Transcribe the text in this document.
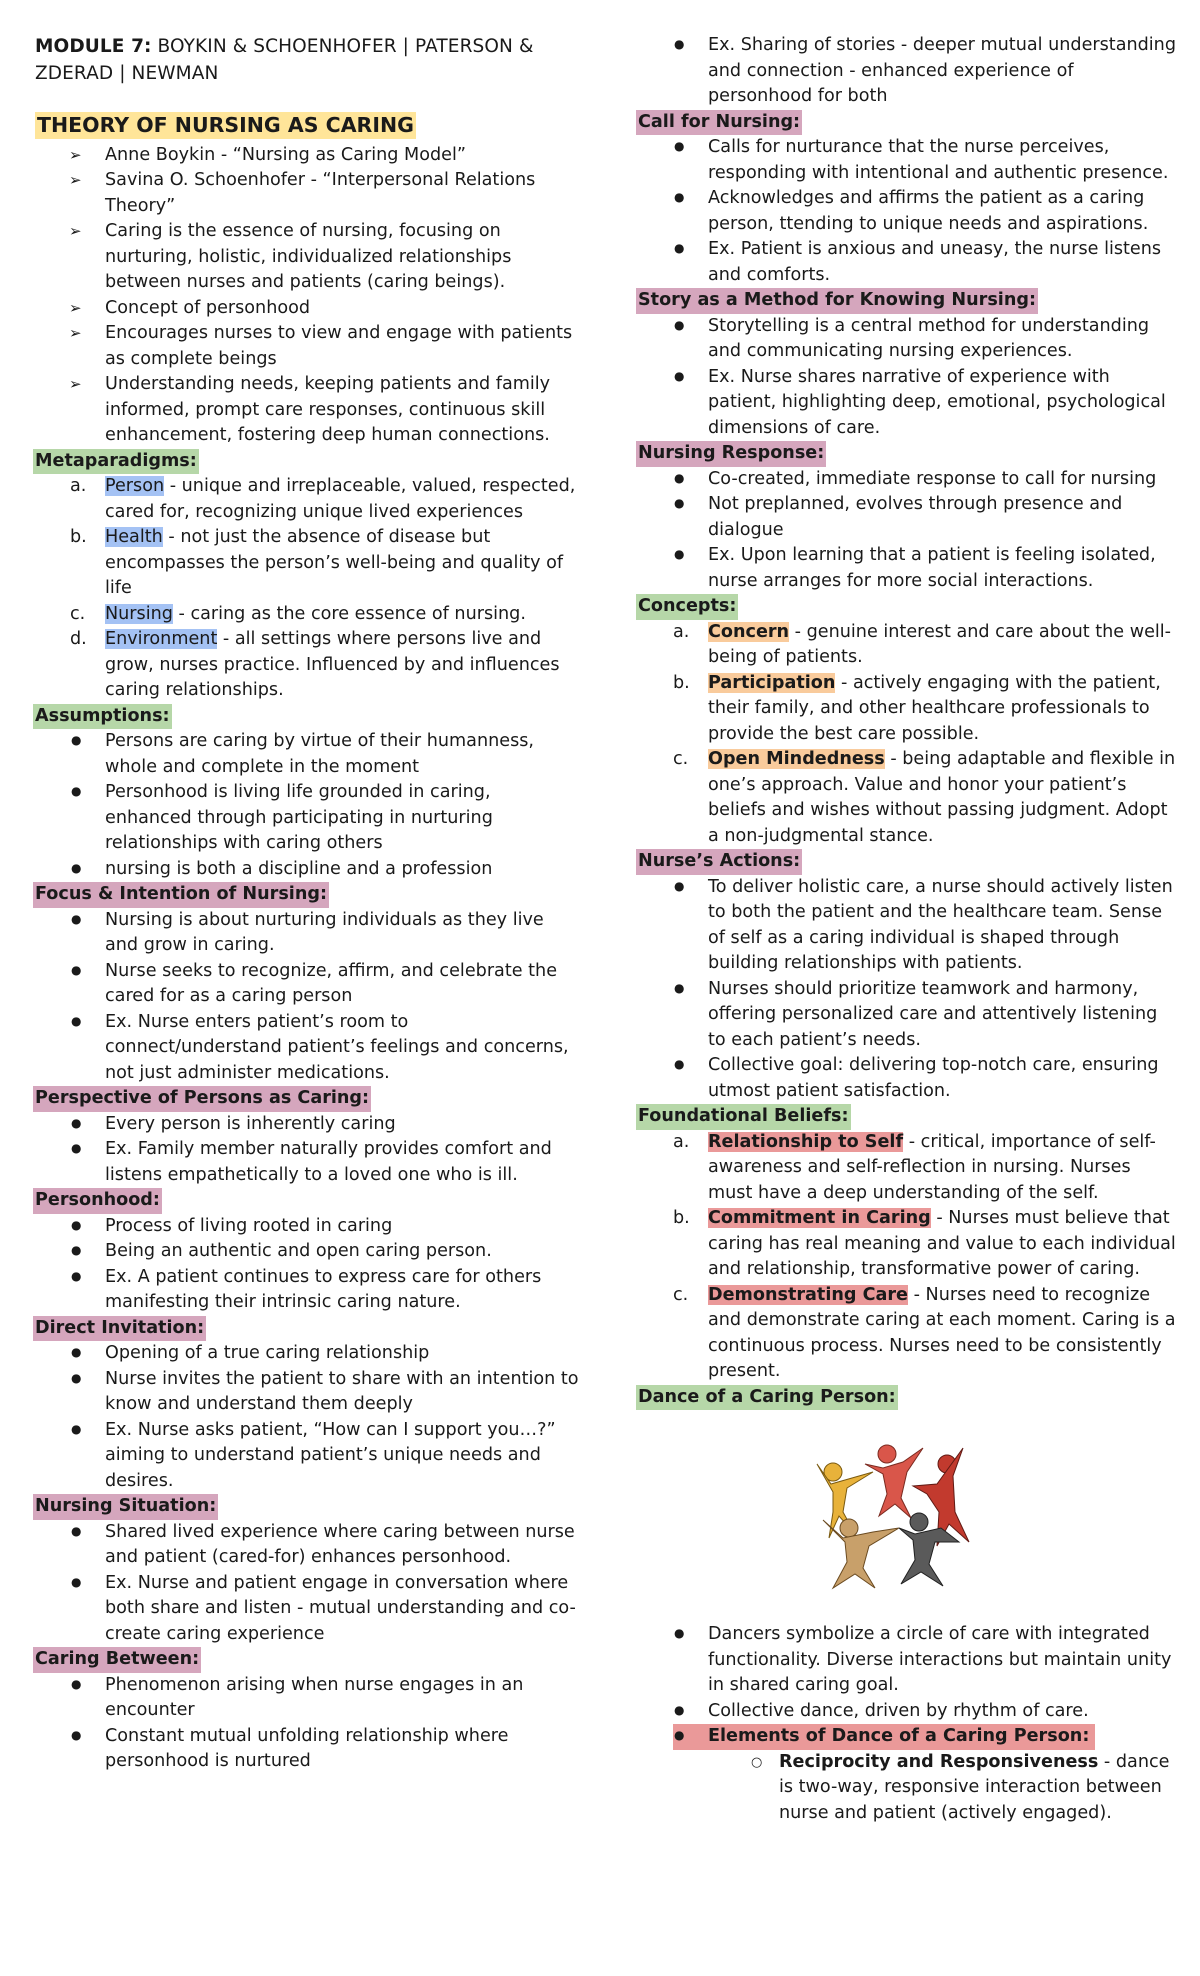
MODULE 7: BOYKIN & SCHOENHOFER | PATERSON & ZDERAD | NEWMAN
THEORY OF NURSING AS CARING
➢ Anne Boykin - “Nursing as Caring Model”
➢ Savina O. Schoenhofer - “Interpersonal Relations Theory”
➢ Caring is the essence of nursing, focusing on nurturing, holistic, individualized relationships between nurses and patients (caring beings).
➢ Concept of personhood
➢ Encourages nurses to view and engage with patients as complete beings
➢ Understanding needs, keeping patients and family informed, prompt care responses, continuous skill enhancement, fostering deep human connections.
Metaparadigms:
a. Person - unique and irreplaceable, valued, respected, cared for, recognizing unique lived experiences
b. Health - not just the absence of disease but encompasses the person’s well-being and quality of life
c. Nursing - caring as the core essence of nursing.
d. Environment - all settings where persons live and grow, nurses practice. Influenced by and influences caring relationships.
Assumptions:
● Persons are caring by virtue of their humanness, whole and complete in the moment
● Personhood is living life grounded in caring, enhanced through participating in nurturing relationships with caring others
● nursing is both a discipline and a profession
Focus & Intention of Nursing:
● Nursing is about nurturing individuals as they live and grow in caring.
● Nurse seeks to recognize, affirm, and celebrate the cared for as a caring person
● Ex. Nurse enters patient’s room to connect/understand patient’s feelings and concerns, not just administer medications.
Perspective of Persons as Caring:
● Every person is inherently caring
● Ex. Family member naturally provides comfort and listens empathetically to a loved one who is ill.
Personhood:
● Process of living rooted in caring
● Being an authentic and open caring person.
● Ex. A patient continues to express care for others manifesting their intrinsic caring nature.
Direct Invitation:
● Opening of a true caring relationship
● Nurse invites the patient to share with an intention to know and understand them deeply
● Ex. Nurse asks patient, “How can I support you…?” aiming to understand patient’s unique needs and desires.
Nursing Situation:
● Shared lived experience where caring between nurse and patient (cared-for) enhances personhood.
● Ex. Nurse and patient engage in conversation where both share and listen - mutual understanding and co-create caring experience
Caring Between:
● Phenomenon arising when nurse engages in an encounter
● Constant mutual unfolding relationship where personhood is nurtured
● Ex. Sharing of stories - deeper mutual understanding and connection - enhanced experience of personhood for both
Call for Nursing:
● Calls for nurturance that the nurse perceives, responding with intentional and authentic presence.
● Acknowledges and affirms the patient as a caring person, ttending to unique needs and aspirations.
● Ex. Patient is anxious and uneasy, the nurse listens and comforts.
Story as a Method for Knowing Nursing:
● Storytelling is a central method for understanding and communicating nursing experiences.
● Ex. Nurse shares narrative of experience with patient, highlighting deep, emotional, psychological dimensions of care.
Nursing Response:
● Co-created, immediate response to call for nursing
● Not preplanned, evolves through presence and dialogue
● Ex. Upon learning that a patient is feeling isolated, nurse arranges for more social interactions.
Concepts:
a. Concern - genuine interest and care about the well-being of patients.
b. Participation - actively engaging with the patient, their family, and other healthcare professionals to provide the best care possible.
c. Open Mindedness - being adaptable and flexible in one’s approach. Value and honor your patient’s beliefs and wishes without passing judgment. Adopt a non-judgmental stance.
Nurse’s Actions:
● To deliver holistic care, a nurse should actively listen to both the patient and the healthcare team. Sense of self as a caring individual is shaped through building relationships with patients.
● Nurses should prioritize teamwork and harmony, offering personalized care and attentively listening to each patient’s needs.
● Collective goal: delivering top-notch care, ensuring utmost patient satisfaction.
Foundational Beliefs:
a. Relationship to Self - critical, importance of self-awareness and self-reflection in nursing. Nurses must have a deep understanding of the self.
b. Commitment in Caring - Nurses must believe that caring has real meaning and value to each individual and relationship, transformative power of caring.
c. Demonstrating Care - Nurses need to recognize and demonstrate caring at each moment. Caring is a continuous process. Nurses need to be consistently present.
Dance of a Caring Person:
● Dancers symbolize a circle of care with integrated functionality. Diverse interactions but maintain unity in shared caring goal.
● Collective dance, driven by rhythm of care.
● Elements of Dance of a Caring Person:
○ Reciprocity and Responsiveness - dance is two-way, responsive interaction between nurse and patient (actively engaged).
